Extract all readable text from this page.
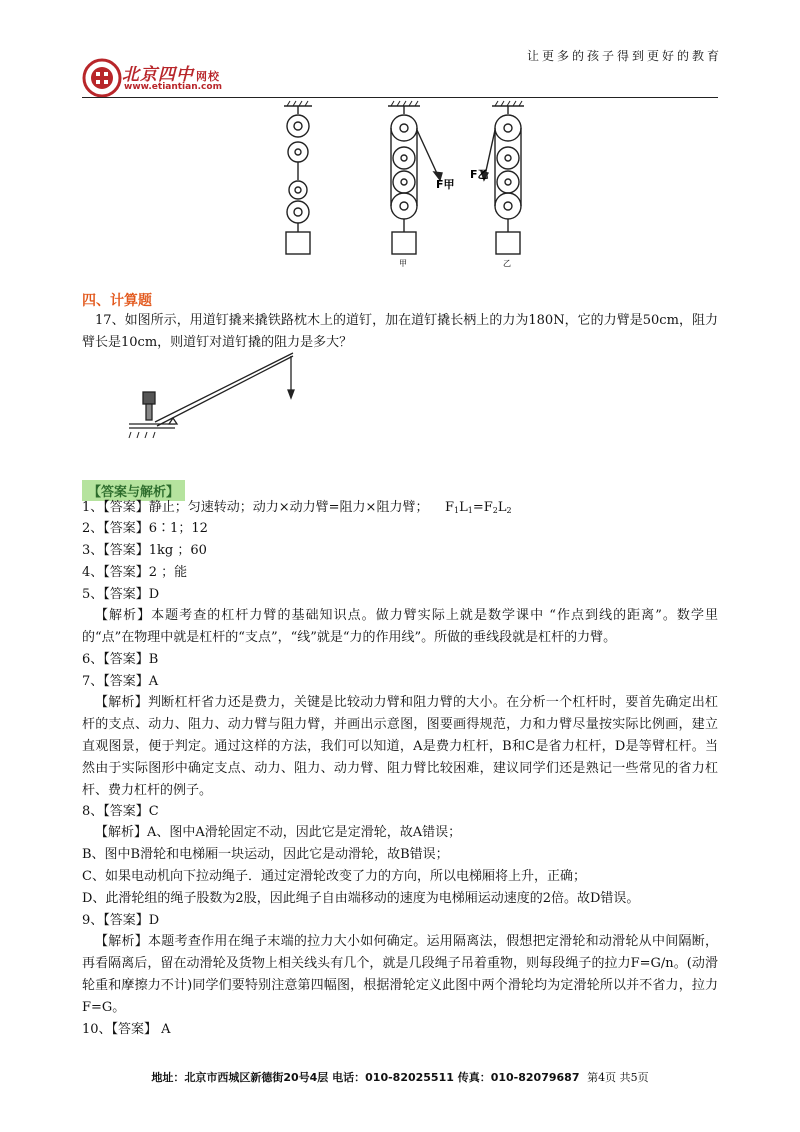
北京四中 网校
www.etiantian.com
让更多的孩子得到更好的教育
F甲
F乙
甲	乙
四、计算题
17、如图所示，用道钉撬来撬铁路枕木上的道钉，加在道钉撬长柄上的力为180N，它的力臂是50cm，阻力臂长是10cm，则道钉对道钉撬的阻力是多大？
【答案与解析】
1、【答案】静止；匀速转动；动力×动力臂=阻力×阻力臂； $F_1L_1=F_2L_2$
2、【答案】6∶1；12
3、【答案】1kg ；60
4、【答案】2 ；能
5、【答案】D
【解析】本题考查的杠杆力臂的基础知识点。做力臂实际上就是数学课中 “作点到线的距离”。数学里的“点”在物理中就是杠杆的“支点”，“线”就是“力的作用线”。所做的垂线段就是杠杆的力臂。
6、【答案】B
7、【答案】A
【解析】判断杠杆省力还是费力，关键是比较动力臂和阻力臂的大小。在分析一个杠杆时，要首先确定出杠杆的支点、动力、阻力、动力臂与阻力臂，并画出示意图，图要画得规范，力和力臂尽量按实际比例画，建立直观图景，便于判定。通过这样的方法，我们可以知道，A是费力杠杆，B和C是省力杠杆，D是等臂杠杆。当然由于实际图形中确定支点、动力、阻力、动力臂、阻力臂比较困难，建议同学们还是熟记一些常见的省力杠杆、费力杠杆的例子。
8、【答案】C
【解析】A、图中A滑轮固定不动，因此它是定滑轮，故A错误；
B、图中B滑轮和电梯厢一块运动，因此它是动滑轮，故B错误；
C、如果电动机向下拉动绳子．通过定滑轮改变了力的方向，所以电梯厢将上升，正确；
D、此滑轮组的绳子股数为2股，因此绳子自由端移动的速度为电梯厢运动速度的2倍。故D错误。
9、【答案】D
【解析】本题考查作用在绳子末端的拉力大小如何确定。运用隔离法，假想把定滑轮和动滑轮从中间隔断，再看隔离后，留在动滑轮及货物上相关线头有几个，就是几段绳子吊着重物，则每段绳子的拉力F=G/n。(动滑轮重和摩擦力不计)同学们要特别注意第四幅图，根据滑轮定义此图中两个滑轮均为定滑轮所以并不省力，拉力F=G。
10、【答案】 A
地址：北京市西城区新德街20号4层 电话：010-82025511 传真：010-82079687 第4页 共5页
